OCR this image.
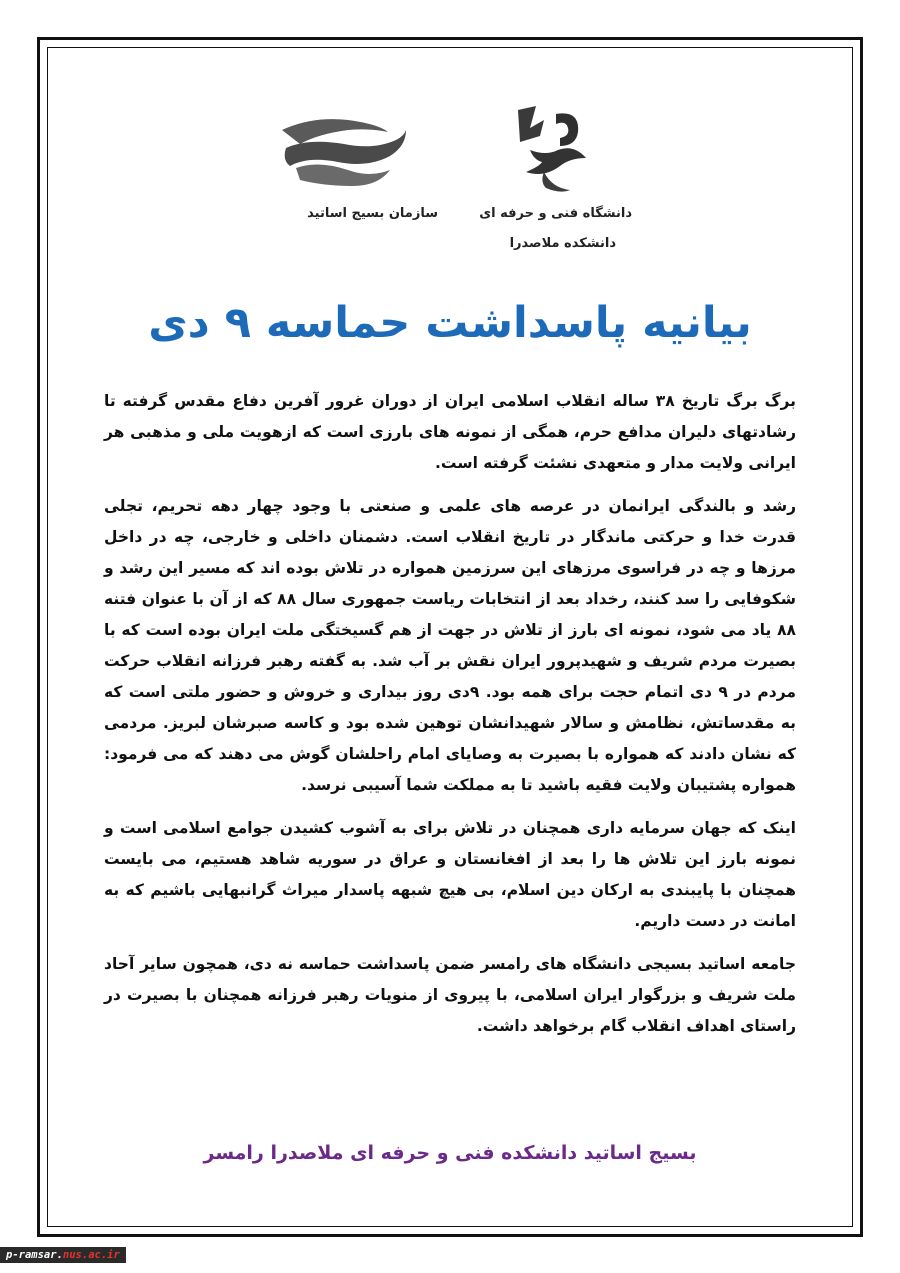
دانشگاه فنی و حرفه ای
دانشکده ملاصدرا
سازمان بسیج اساتید
بیانیه پاسداشت حماسه ۹ دی

برگ برگ تاریخ ۳۸ ساله انقلاب اسلامی ایران از دوران غرور آفرین دفاع مقدس گرفته تا رشادتهای دلیران مدافع حرم، همگی از نمونه های بارزی است که ازهویت ملی و مذهبی هر ایرانی ولایت مدار و متعهدی نشئت گرفته است.

رشد و بالندگی ایرانمان در عرصه های علمی و صنعتی با وجود چهار دهه تحریم، تجلی قدرت خدا و حرکتی ماندگار در تاریخ انقلاب است. دشمنان داخلی و خارجی، چه در داخل مرزها و چه در فراسوی مرزهای این سرزمین همواره در تلاش بوده اند که مسیر این رشد و شکوفایی را سد کنند، رخداد بعد از انتخابات ریاست جمهوری سال ۸۸ که از آن با عنوان فتنه ۸۸ یاد می شود، نمونه ای بارز از تلاش در جهت از هم گسیختگی ملت ایران بوده است که با بصیرت مردم شریف و شهیدپرور ایران نقش بر آب شد. به گفته رهبر فرزانه انقلاب حرکت مردم در ۹ دی اتمام حجت برای همه بود. ۹دی روز بیداری و خروش و حضور ملتی است که به مقدساتش، نظامش و سالار شهیدانشان توهین شده بود و کاسه صبرشان لبریز. مردمی که نشان دادند که همواره با بصیرت به وصایای امام راحلشان گوش می دهند که می فرمود: همواره پشتیبان ولایت فقیه باشید تا به مملکت شما آسیبی نرسد.

اینک که جهان سرمایه داری همچنان در تلاش برای به آشوب کشیدن جوامع اسلامی است و نمونه بارز این تلاش ها را بعد از افغانستان و عراق در سوریه شاهد هستیم، می بایست همچنان با پایبندی به ارکان دین اسلام، بی هیچ شبهه پاسدار میراث گرانبهایی باشیم که به امانت در دست داریم.

جامعه اساتید بسیجی دانشگاه های رامسر ضمن پاسداشت حماسه نه دی، همچون سایر آحاد ملت شریف و بزرگوار ایران اسلامی، با پیروی از منویات رهبر فرزانه همچنان با بصیرت در راستای اهداف انقلاب گام برخواهد داشت.

بسیج اساتید دانشکده فنی و حرفه ای ملاصدرا رامسر
p-ramsar.nus.ac.ir
